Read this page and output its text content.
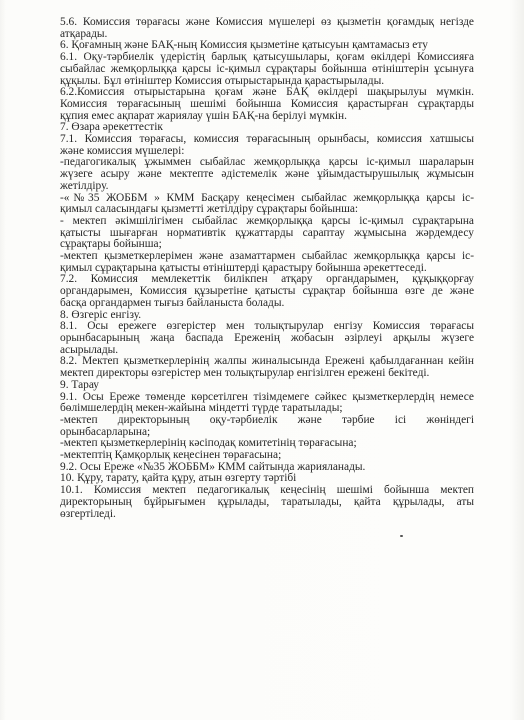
5.6. Комиссия төрағасы және Комиссия мүшелері өз қызметін қоғамдық негізде

атқарады.

6. Қоғамның және БАҚ-ның Комиссия қызметіне қатысуын қамтамасыз ету

6.1. Оқу-тәрбиелік үдерістің барлық қатысушылары, қоғам өкілдері Комиссияға

сыбайлас жемқорлыққа қарсы іс-қимыл сұрақтары бойынша өтініштерін ұсынуға

құқылы. Бұл өтініштер Комиссия отырыстарында қарастырылады.

6.2.Комиссия отырыстарына қоғам және БАҚ өкілдері шақырылуы мүмкін.

Комиссия төрағасының шешімі бойынша Комиссия қарастырған сұрақтарды

құпия емес ақпарат жариялау үшін БАҚ-на берілуі мүмкін.

7. Өзара әрекеттестік

7.1. Комиссия төрағасы, комиссия төрағасының орынбасы, комиссия хатшысы

және комиссия мүшелері:

-педагогикалық ұжыммен сыбайлас жемқорлыққа қарсы іс-қимыл шараларын

жүзеге асыру және мектепте әдістемелік және ұйымдастырушылық жұмысын

жетілдіру.

-«№35 ЖОББМ » КММ Басқару кеңесімен сыбайлас жемқорлыққа қарсы іс-

қимыл саласындағы қызметті жетілдіру сұрақтары бойынша:

- мектеп әкімшілігімен сыбайлас жемқорлыққа қарсы іс-қимыл сұрақтарына

қатысты шығарған нормативтік құжаттарды сараптау жұмысына жәрдемдесу

сұрақтары бойынша;

-мектеп қызметкерлерімен және азаматтармен сыбайлас жемқорлыққа қарсы іс-

қимыл сұрақтарына қатысты өтініштерді қарастыру бойынша әрекеттеседі.

7.2. Комиссия мемлекеттік билікпен атқару органдарымен, құқыққорғау

органдарымен, Комиссия құзыретіне қатысты сұрақтар бойынша өзге де және

басқа органдармен тығыз байланыста болады.

8. Өзгеріс енгізу.

8.1. Осы ережеге өзгерістер мен толықтырулар енгізу Комиссия төрағасы

орынбасарының жаңа баспада Ереженің жобасын әзірлеуі арқылы жүзеге

асырылады.

8.2. Мектеп қызметкерлерінің жалпы жиналысында Ережені қабылдағаннан кейін

мектеп директоры өзгерістер мен толықтырулар енгізілген ережені бекітеді.

9. Тарау

9.1. Осы Ереже төменде көрсетілген тізімдемеге сәйкес қызметкерлердің немесе

бөлімшелердің мекен-жайына міндетті түрде таратылады;

-мектеп директорының оқу-тәрбиелік және тәрбие ісі жөніндегі

орынбасарларына;

-мектеп қызметкерлерінің кәсіподақ комитетінің төрағасына;

-мектептің Қамқорлық кеңесінен төрағасына;

9.2. Осы Ереже «№35 ЖОББМ» КММ сайтында жарияланады.

10. Құру, тарату, қайта құру, атын өзгерту тәртібі

10.1. Комиссия мектеп педагогикалық кеңесінің шешімі бойынша мектеп

директорының бұйрығымен құрылады, таратылады, қайта құрылады, аты

өзгертіледі.
